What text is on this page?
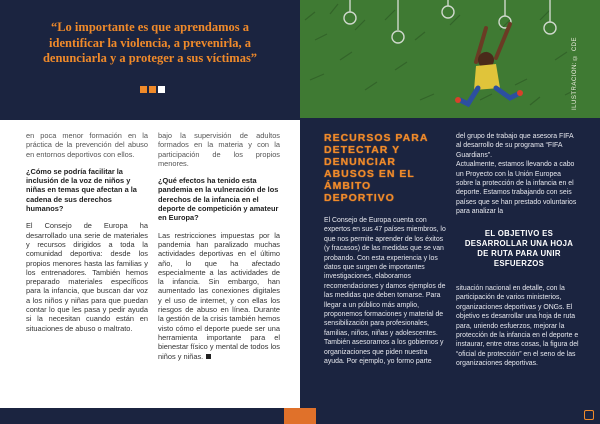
“Lo importante es que aprendamos a identificar la violencia, a prevenirla, a denunciarla y a proteger a sus víctimas”

en poca menor formación en la práctica de la prevención del abuso en entornos deportivos con ellos.

¿Cómo se podría facilitar la inclusión de la voz de niños y niñas en temas que afectan a la cadena de sus derechos humanos?

El Consejo de Europa ha desarrollado una serie de materiales y recursos dirigidos a toda la comunidad deportiva: desde los propios menores hasta las familias y los entrenadores. También hemos preparado materiales específicos para la infancia, que buscan dar voz a los niños y niñas para que puedan contar lo que les pasa y pedir ayuda si la necesitan cuando están en situaciones de abuso o maltrato.

bajo la supervisión de adultos formados en la materia y con la participación de los propios menores.

¿Qué efectos ha tenido esta pandemia en la vulneración de los derechos de la infancia en el deporte de competición y amateur en Europa?

Las restricciones impuestas por la pandemia han paralizado muchas actividades deportivas en el último año, lo que ha afectado especialmente a las actividades de la infancia. Sin embargo, han aumentado las conexiones digitales y el uso de internet, y con ellas los riesgos de abuso en línea. Durante la gestión de la crisis también hemos visto cómo el deporte puede ser una herramienta importante para el bienestar físico y mental de todos los niños y niñas.

ILUSTRACIÓN: © CDE
RECURSOS PARA DETECTAR Y DENUNCIAR ABUSOS EN EL ÁMBITO DEPORTIVO

El Consejo de Europa cuenta con expertos en sus 47 países miembros, lo que nos permite aprender de los éxitos (y fracasos) de las medidas que se van probando. Con esta experiencia y los datos que surgen de importantes investigaciones, elaboramos recomendaciones y damos ejemplos de las medidas que deben tomarse. Para llegar a un público más amplio, proponemos formaciones y material de sensibilización para profesionales, familias, niños, niñas y adolescentes. También asesoramos a los gobiernos y organizaciones que piden nuestra ayuda. Por ejemplo, yo formo parte

del grupo de trabajo que asesora FIFA al desarrollo de su programa “FIFA Guardians”.

Actualmente, estamos llevando a cabo un Proyecto con la Unión Europea sobre la protección de la infancia en el deporte. Estamos trabajando con seis países que se han prestado voluntarios para analizar la

EL OBJETIVO ES DESARROLLAR UNA HOJA DE RUTA PARA UNIR ESFUERZOS

situación nacional en detalle, con la participación de varios ministerios, organizaciones deportivas y ONGs. El objetivo es desarrollar una hoja de ruta para, uniendo esfuerzos, mejorar la protección de la infancia en el deporte e instaurar, entre otras cosas, la figura del “oficial de protección” en el seno de las organizaciones deportivas.
